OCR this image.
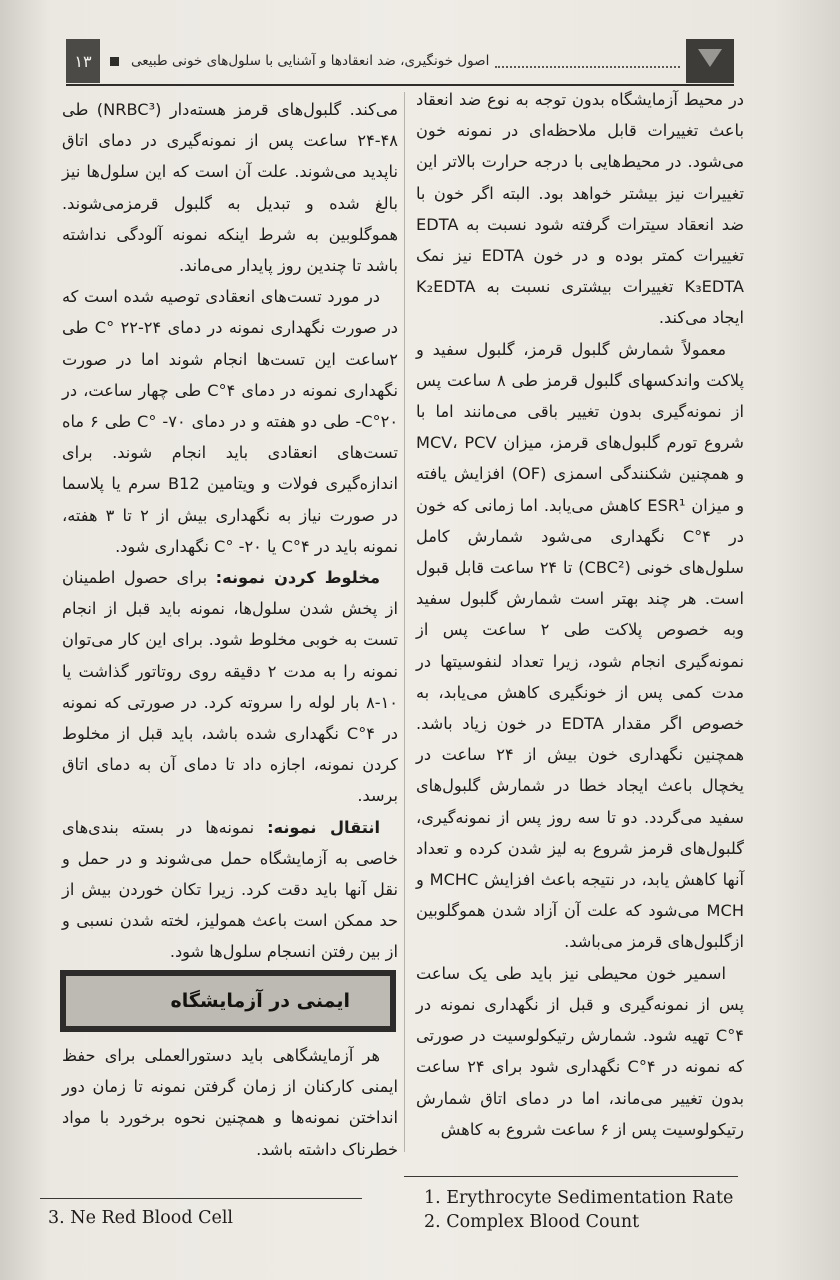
۱۳	اصول خونگیری، ضد انعقادها و آشنایی با سلول‌های خونی طبیعی

در محیط آزمایشگاه بدون توجه به نوع ضد انعقاد باعث تغییرات قابل ملاحظه‌ای در نمونه خون می‌شود. در محیط‌هایی با درجه حرارت بالاتر این تغییرات نیز بیشتر خواهد بود. البته اگر خون با ضد انعقاد سیترات گرفته شود نسبت به EDTA تغییرات کمتر بوده و در خون EDTA نیز نمک K₃EDTA تغییرات بیشتری نسبت به K₂EDTA ایجاد می‌کند.

معمولاً شمارش گلبول قرمز، گلبول سفید و پلاکت واندکسهای گلبول قرمز طی ۸ ساعت پس از نمونه‌گیری بدون تغییر باقی می‌مانند اما با شروع تورم گلبول‌های قرمز، میزان MCV، PCV و همچنین شکنندگی اسمزی (OF) افزایش یافته و میزان ESR¹ کاهش می‌یابد. اما زمانی که خون در ۴°C نگهداری می‌شود شمارش کامل سلول‌های خونی (CBC²) تا ۲۴ ساعت قابل قبول است. هر چند بهتر است شمارش گلبول سفید وبه خصوص پلاکت طی ۲ ساعت پس از نمونه‌گیری انجام شود، زیرا تعداد لنفوسیتها در مدت کمی پس از خونگیری کاهش می‌یابد، به خصوص اگر مقدار EDTA در خون زیاد باشد. همچنین نگهداری خون بیش از ۲۴ ساعت در یخچال باعث ایجاد خطا در شمارش گلبول‌های سفید می‌گردد. دو تا سه روز پس از نمونه‌گیری، گلبول‌های قرمز شروع به لیز شدن کرده و تعداد آنها کاهش یابد، در نتیجه باعث افزایش MCHC و MCH می‌شود که علت آن آزاد شدن هموگلوبین ازگلبول‌های قرمز می‌باشد.

اسمیر خون محیطی نیز باید طی یک ساعت پس از نمونه‌گیری و قبل از نگهداری نمونه در ۴°C تهیه شود. شمارش رتیکولوسیت در صورتی که نمونه در ۴°C نگهداری شود برای ۲۴ ساعت بدون تغییر می‌ماند، اما در دمای اتاق شمارش رتیکولوسیت پس از ۶ ساعت شروع به کاهش

می‌کند. گلبول‌های قرمز هسته‌دار (NRBC³) طی ۴۸-۲۴ ساعت پس از نمونه‌گیری در دمای اتاق ناپدید می‌شوند. علت آن است که این سلول‌ها نیز بالغ شده و تبدیل به گلبول قرمزمی‌شوند. هموگلوبین به شرط اینکه نمونه آلودگی نداشته باشد تا چندین روز پایدار می‌ماند.

در مورد تست‌های انعقادی توصیه شده است که در صورت نگهداری نمونه در دمای ۲۴-۲۲ °C طی ۲ساعت این تست‌ها انجام شوند اما در صورت نگهداری نمونه در دمای ۴°C طی چهار ساعت، در ۲۰°C- طی دو هفته و در دمای ۷۰- °C طی ۶ ماه تست‌های انعقادی باید انجام شوند. برای اندازه‌گیری فولات و ویتامین B12 سرم یا پلاسما در صورت نیاز به نگهداری بیش از ۲ تا ۳ هفته، نمونه باید در ۴°C یا ۲۰- °C نگهداری شود.

مخلوط کردن نمونه: برای حصول اطمینان از پخش شدن سلول‌ها، نمونه باید قبل از انجام تست به خوبی مخلوط شود. برای این کار می‌توان نمونه را به مدت ۲ دقیقه روی روتاتور گذاشت یا ۱۰-۸ بار لوله را سروته کرد. در صورتی که نمونه در ۴°C نگهداری شده باشد، باید قبل از مخلوط کردن نمونه، اجازه داد تا دمای آن به دمای اتاق برسد.

انتقال نمونه: نمونه‌ها در بسته بندی‌های خاصی به آزمایشگاه حمل می‌شوند و در حمل و نقل آنها باید دقت کرد. زیرا تکان خوردن بیش از حد ممکن است باعث همولیز، لخته شدن نسبی و از بین رفتن انسجام سلول‌ها شود.

ایمنی در آزمایشگاه

هر آزمایشگاهی باید دستورالعملی برای حفظ ایمنی کارکنان از زمان گرفتن نمونه تا زمان دور انداختن نمونه‌ها و همچنین نحوه برخورد با مواد خطرناک داشته باشد.

3. Ne Red Blood Cell
1. Erythrocyte Sedimentation Rate
2. Complex Blood Count
